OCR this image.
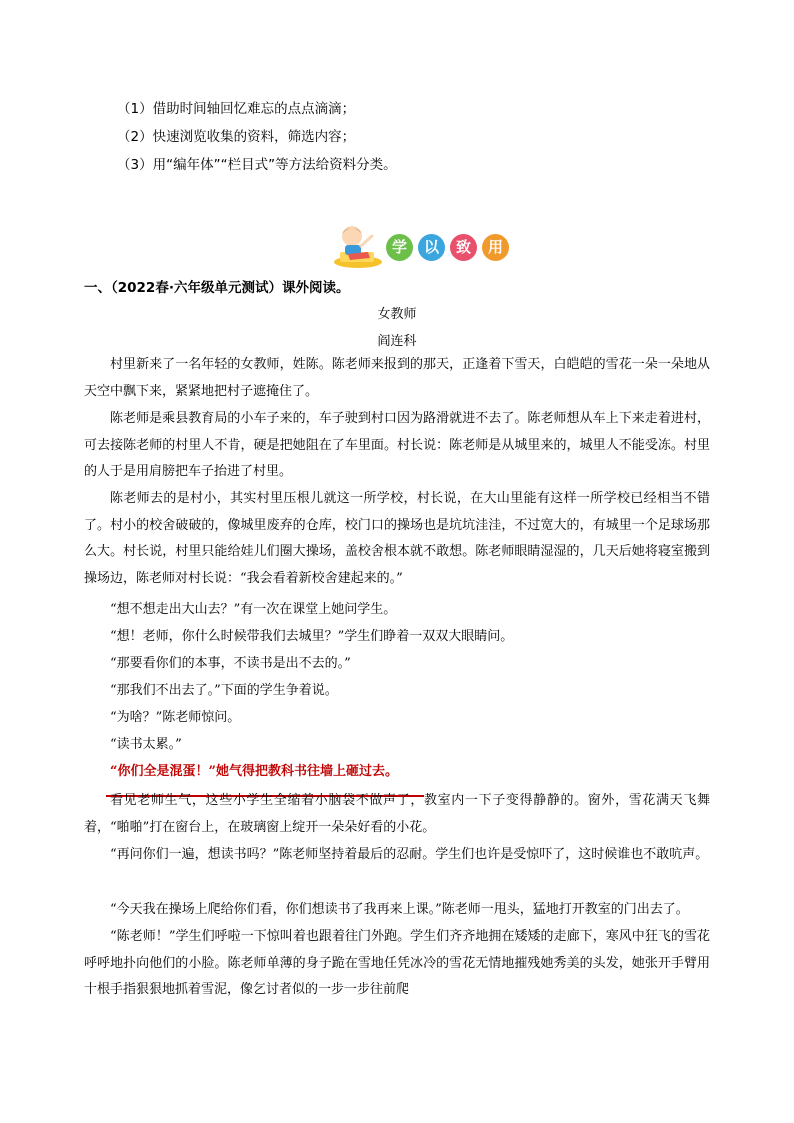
（1）借助时间轴回忆难忘的点点滴滴；
（2）快速浏览收集的资料，筛选内容；
（3）用“编年体”“栏目式”等方法给资料分类。
学	以	致	用
一、（2022春·六年级单元测试）课外阅读。
女教师
阎连科

村里新来了一名年轻的女教师，姓陈。陈老师来报到的那天，正逢着下雪天，白皑皑的雪花一朵一朵地从天空中飘下来，紧紧地把村子遮掩住了。

陈老师是乘县教育局的小车子来的，车子驶到村口因为路滑就进不去了。陈老师想从车上下来走着进村，可去接陈老师的村里人不肯，硬是把她阻在了车里面。村长说：陈老师是从城里来的，城里人不能受冻。村里的人于是用肩膀把车子抬进了村里。

陈老师去的是村小，其实村里压根儿就这一所学校，村长说，在大山里能有这样一所学校已经相当不错了。村小的校舍破破的，像城里废弃的仓库，校门口的操场也是坑坑洼洼，不过宽大的，有城里一个足球场那么大。村长说，村里只能给娃儿们圈大操场，盖校舍根本就不敢想。陈老师眼睛湿湿的，几天后她将寝室搬到操场边，陈老师对村长说：“我会看着新校舍建起来的。”

“想不想走出大山去？”有一次在课堂上她问学生。

“想！老师，你什么时候带我们去城里？”学生们睁着一双双大眼睛问。

“那要看你们的本事，不读书是出不去的。”

“那我们不出去了。”下面的学生争着说。

“为啥？”陈老师惊问。

“读书太累。”

“你们全是混蛋！”她气得把教科书往墙上砸过去。

看见老师生气，这些小学生全缩着小脑袋不做声了，教室内一下子变得静静的。窗外，雪花满天飞舞着，“啪啪”打在窗台上，在玻璃窗上绽开一朵朵好看的小花。

“再问你们一遍，想读书吗？”陈老师坚持着最后的忍耐。学生们也许是受惊吓了，这时候谁也不敢吭声。

“今天我在操场上爬给你们看，你们想读书了我再来上课。”陈老师一甩头，猛地打开教室的门出去了。

“陈老师！”学生们呼啦一下惊叫着也跟着往门外跑。学生们齐齐地拥在矮矮的走廊下，寒风中狂飞的雪花呼呼地扑向他们的小脸。陈老师单薄的身子跪在雪地任凭冰冷的雪花无情地摧残她秀美的头发，她张开手臂用十根手指狠狠地抓着雪泥，像乞讨者似的一步一步往前爬
